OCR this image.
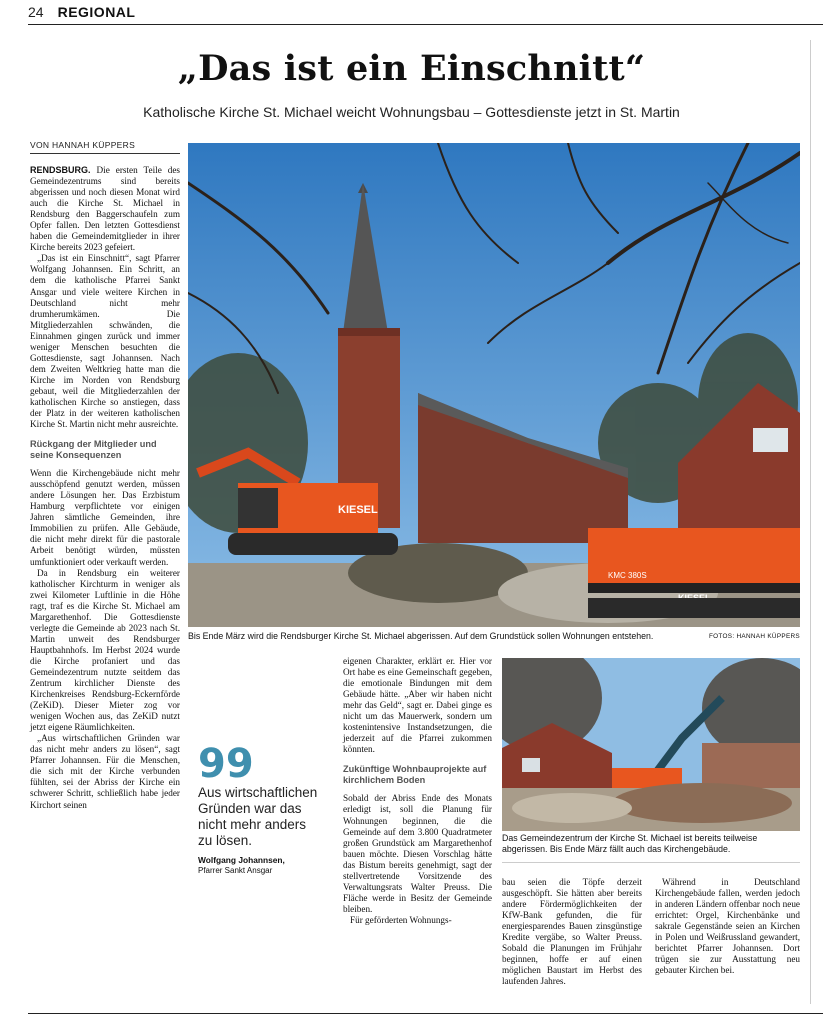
24 REGIONAL
„Das ist ein Einschnitt“
Katholische Kirche St. Michael weicht Wohnungsbau – Gottesdienste jetzt in St. Martin
VON HANNAH KÜPPERS

RENDSBURG. Die ersten Teile des Gemeindezentrums sind bereits abgerissen und noch diesen Monat wird auch die Kirche St. Michael in Rendsburg den Baggerschaufeln zum Opfer fallen. Den letzten Gottesdienst haben die Gemeindemitglieder in ihrer Kirche bereits 2023 gefeiert.

„Das ist ein Einschnitt“, sagt Pfarrer Wolfgang Johannsen. Ein Schritt, an dem die katholische Pfarrei Sankt Ansgar und viele weitere Kirchen in Deutschland nicht mehr drumherumkämen. Die Mitgliederzahlen schwänden, die Einnahmen gingen zurück und immer weniger Menschen besuchten die Gottesdienste, sagt Johannsen. Nach dem Zweiten Weltkrieg hatte man die Kirche im Norden von Rendsburg gebaut, weil die Mitgliederzahlen der katholischen Kirche so anstiegen, dass der Platz in der weiteren katholischen Kirche St. Martin nicht mehr ausreichte.

Rückgang der Mitglieder und seine Konsequenzen

Wenn die Kirchengebäude nicht mehr ausschöpfend genutzt werden, müssen andere Lösungen her. Das Erzbistum Hamburg verpflichtete vor einigen Jahren sämtliche Gemeinden, ihre Immobilien zu prüfen. Alle Gebäude, die nicht mehr direkt für die pastorale Arbeit benötigt würden, müssten umfunktioniert oder verkauft werden.

Da in Rendsburg ein weiterer katholischer Kirchturm in weniger als zwei Kilometer Luftlinie in die Höhe ragt, traf es die Kirche St. Michael am Margarethenhof. Die Gottesdienste verlegte die Gemeinde ab 2023 nach St. Martin unweit des Rendsburger Hauptbahnhofs. Im Herbst 2024 wurde die Kirche profaniert und das Gemeindezentrum nutzte seitdem das Zentrum kirchlicher Dienste des Kirchenkreises Rendsburg-Eckernförde (ZeKiD). Dieser Mieter zog vor wenigen Wochen aus, das ZeKiD nutzt jetzt eigene Räumlichkeiten.

„Aus wirtschaftlichen Gründen war das nicht mehr anders zu lösen“, sagt Pfarrer Johannsen. Für die Menschen, die sich mit der Kirche verbunden fühlten, sei der Abriss der Kirche ein schwerer Schritt, schließlich habe jeder Kirchort seinen

KIESEL
KMC 380S
Bis Ende März wird die Rendsburger Kirche St. Michael abgerissen. Auf dem Grundstück sollen Wohnungen entstehen.	FOTOS: HANNAH KÜPPERS
99
Aus wirtschaftlichen Gründen war das nicht mehr anders zu lösen.
Wolfgang Johannsen,
Pfarrer Sankt Ansgar

eigenen Charakter, erklärt er. Hier vor Ort habe es eine Gemeinschaft gegeben, die emotionale Bindungen mit dem Gebäude hätte. „Aber wir haben nicht mehr das Geld“, sagt er. Dabei ginge es nicht um das Mauerwerk, sondern um kostenintensive Instandsetzungen, die jederzeit auf die Pfarrei zukommen könnten.

Zukünftige Wohnbauprojekte auf kirchlichem Boden

Sobald der Abriss Ende des Monats erledigt ist, soll die Planung für Wohnungen beginnen, die die Gemeinde auf dem 3.800 Quadratmeter großen Grundstück am Margarethenhof bauen möchte. Diesen Vorschlag hätte das Bistum bereits genehmigt, sagt der stellvertretende Vorsitzende des Verwaltungsrats Walter Preuss. Die Fläche werde in Besitz der Gemeinde bleiben.

Für geförderten Wohnungs-

Das Gemeindezentrum der Kirche St. Michael ist bereits teilweise abgerissen. Bis Ende März fällt auch das Kirchengebäude.

bau seien die Töpfe derzeit ausgeschöpft. Sie hätten aber bereits andere Fördermöglichkeiten der KfW-Bank gefunden, die für energiesparendes Bauen zinsgünstige Kredite vergäbe, so Walter Preuss. Sobald die Planungen im Frühjahr beginnen, hoffe er auf einen möglichen Baustart im Herbst des laufenden Jahres.

Während in Deutschland Kirchengebäude fallen, werden jedoch in anderen Ländern offenbar noch neue errichtet: Orgel, Kirchenbänke und sakrale Gegenstände seien an Kirchen in Polen und Weißrussland gewandert, berichtet Pfarrer Johannsen. Dort trügen sie zur Ausstattung neu gebauter Kirchen bei.
